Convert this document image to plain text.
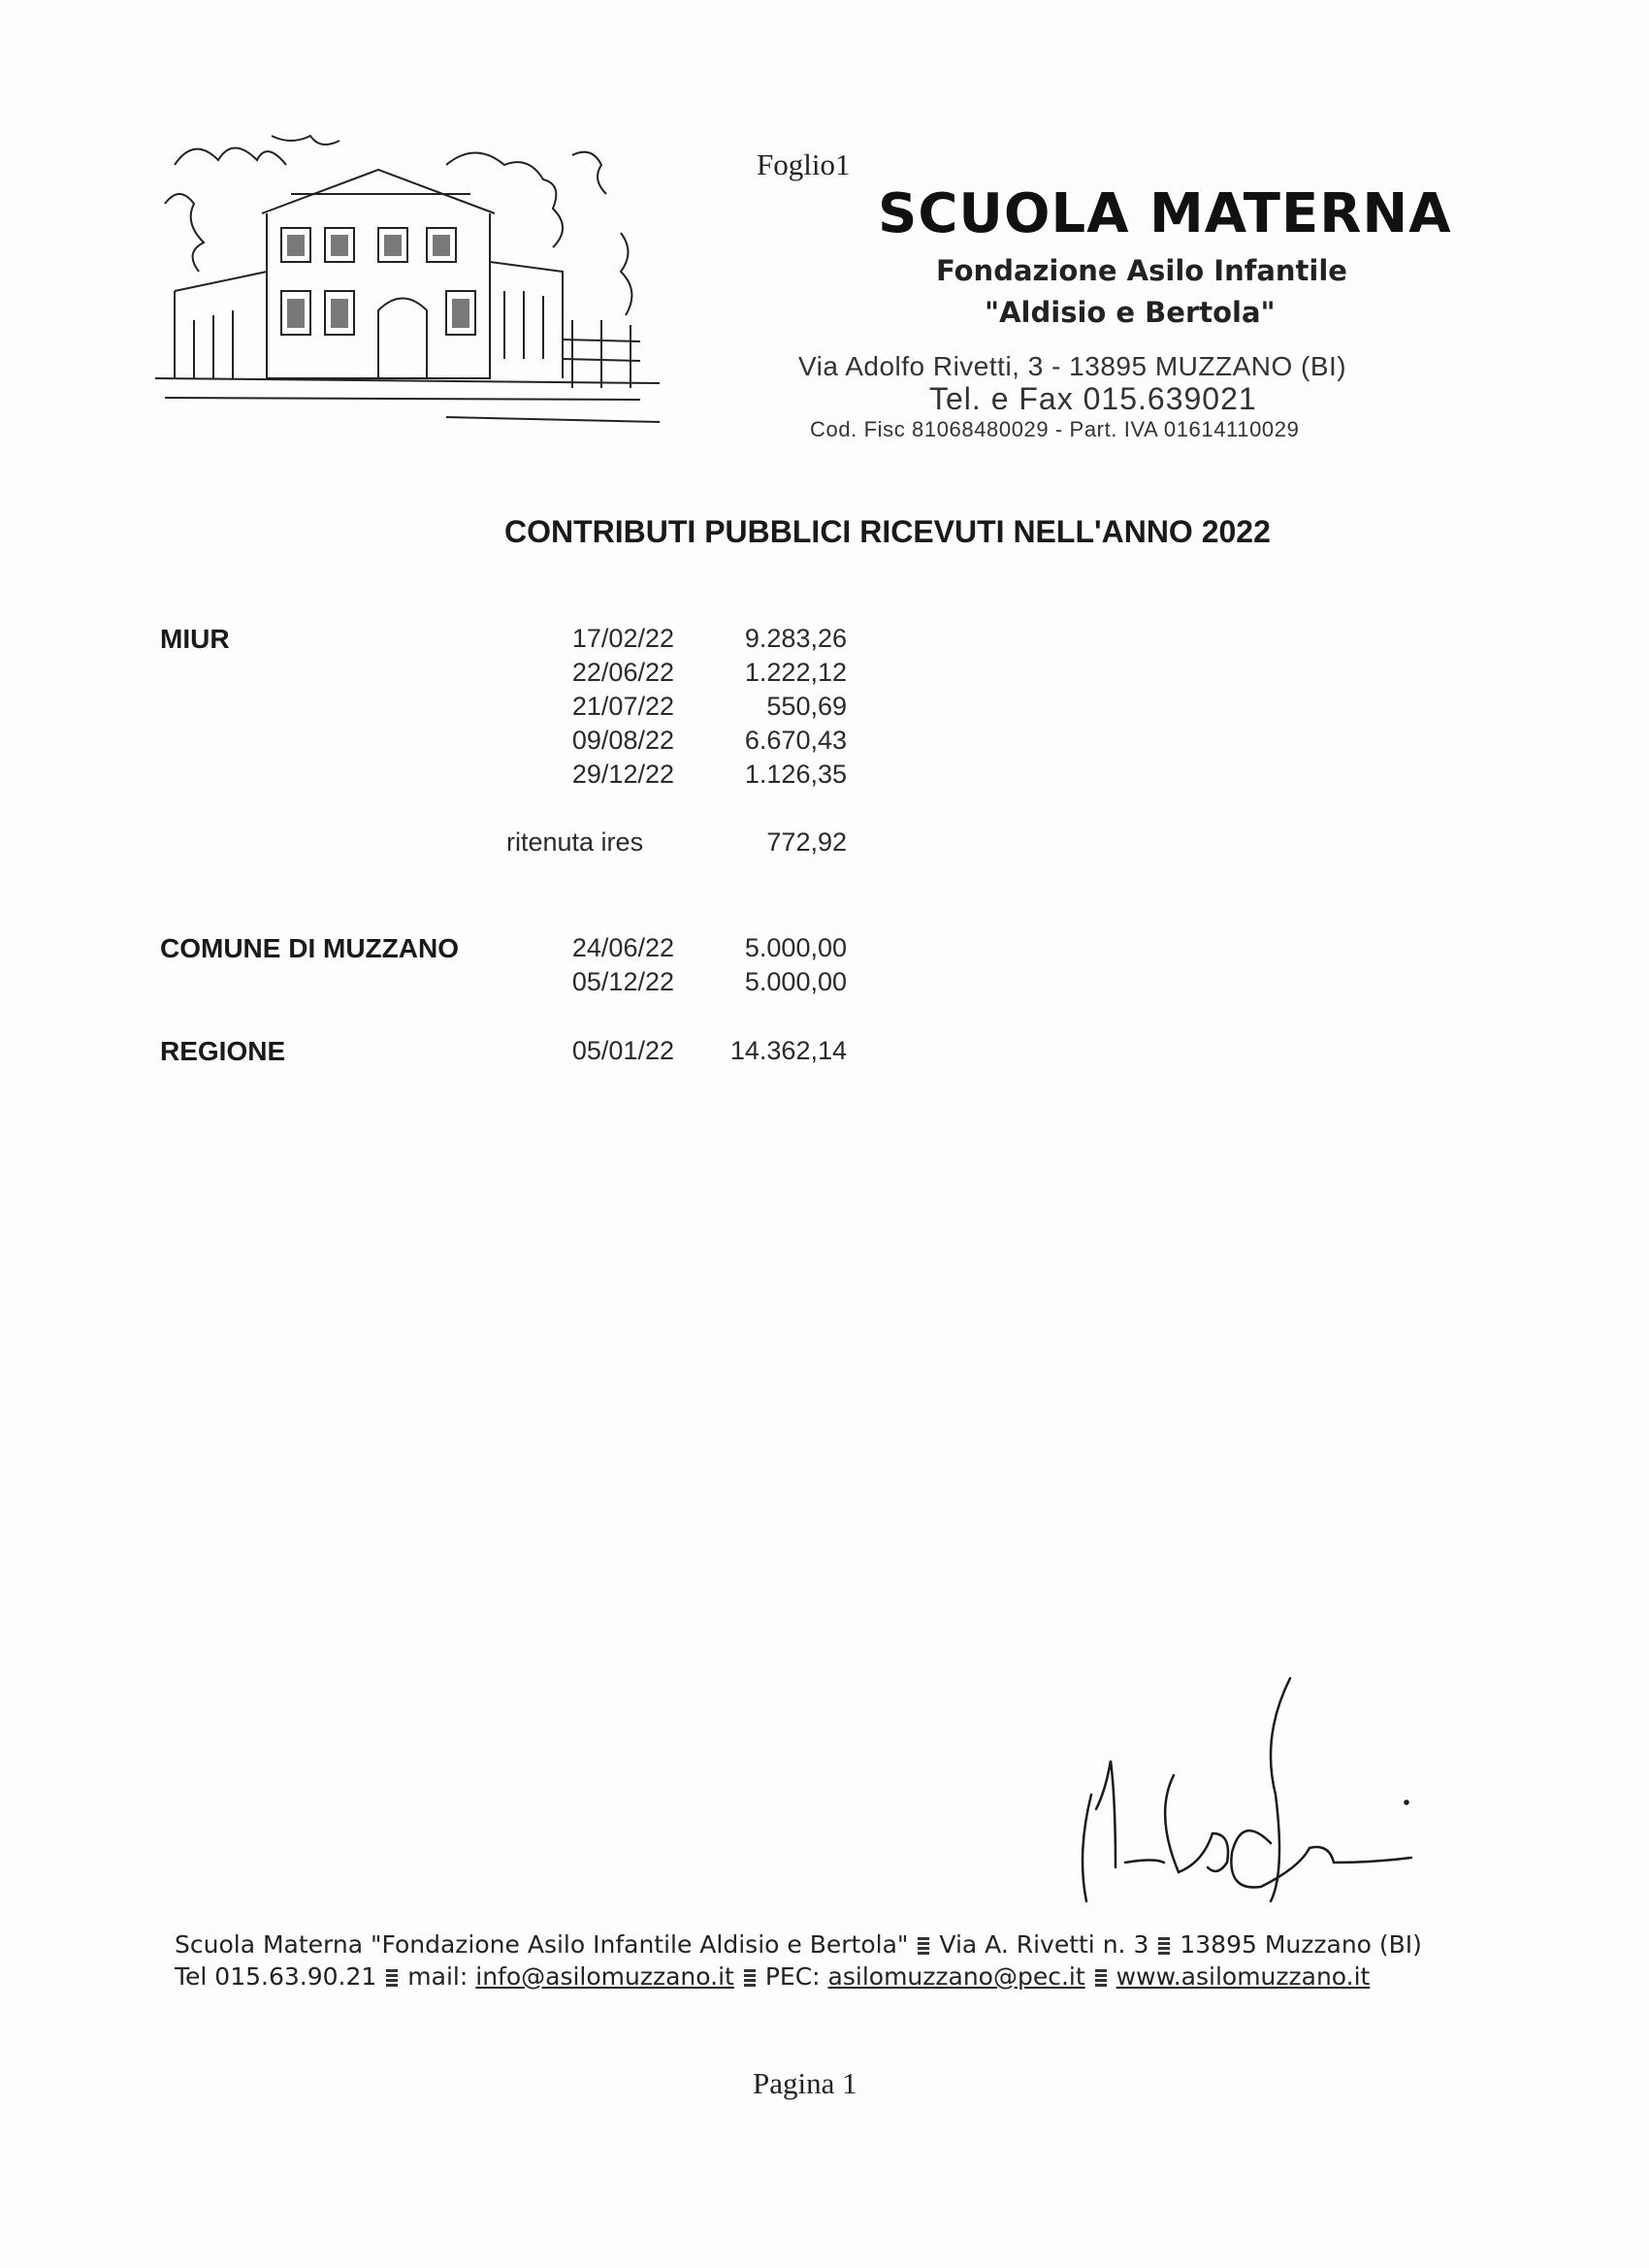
Foglio1
SCUOLA MATERNA
Fondazione Asilo Infantile
"Aldisio e Bertola"
Via Adolfo Rivetti, 3 - 13895 MUZZANO (BI)
Tel. e Fax 015.639021
Cod. Fisc 81068480029 - Part. IVA 01614110029
CONTRIBUTI PUBBLICI RICEVUTI NELL'ANNO 2022
MIUR	17/02/22	9.283,26
22/06/22	1.222,12
21/07/22	550,69
09/08/22	6.670,43
29/12/22	1.126,35
ritenuta ires	772,92
COMUNE DI MUZZANO	24/06/22	5.000,00
05/12/22	5.000,00
REGIONE	05/01/22	14.362,14
Scuola Materna "Fondazione Asilo Infantile Aldisio e Bertola" Via A. Rivetti n. 3 13895 Muzzano (BI)
Tel 015.63.90.21 mail: info@asilomuzzano.it PEC: asilomuzzano@pec.it www.asilomuzzano.it
Pagina 1
